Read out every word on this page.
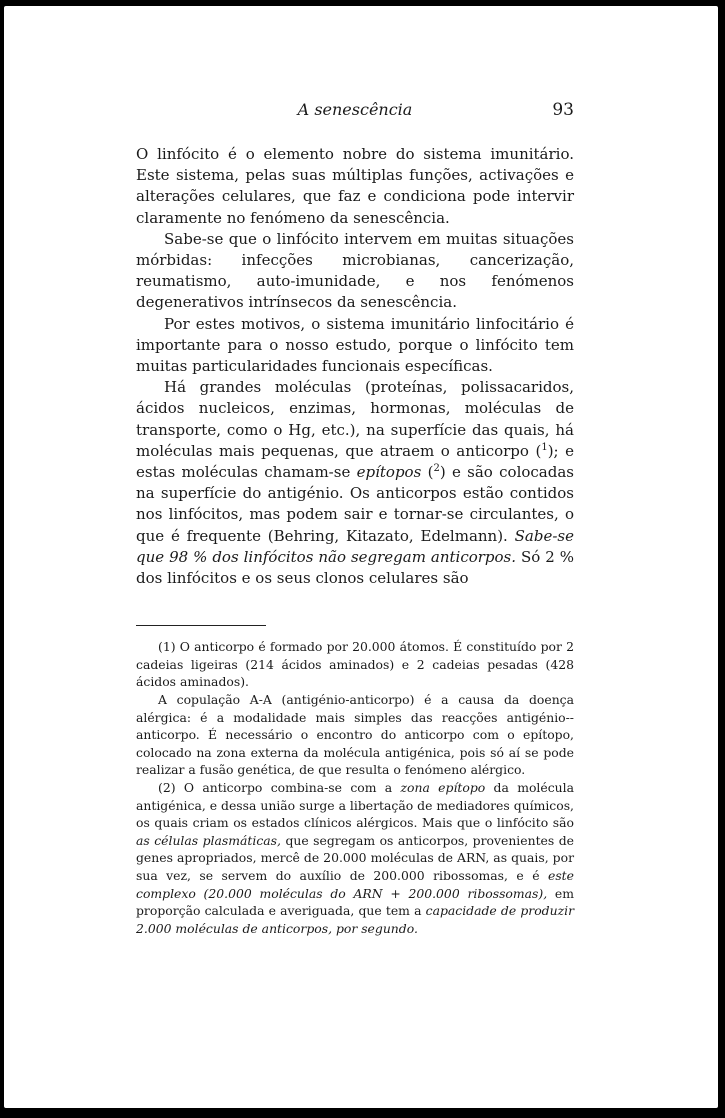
A senescência	93

O linfócito é o elemento nobre do sistema imunitário. Este sistema, pelas suas múltiplas funções, activações e alterações celulares, que faz e condiciona pode intervir claramente no fenómeno da senescência.

Sabe-se que o linfócito intervem em muitas situações mórbidas: infecções microbianas, cancerização, reumatismo, auto-imunidade, e nos fenómenos degenerativos intrínsecos da senescência.

Por estes motivos, o sistema imunitário linfocitário é importante para o nosso estudo, porque o linfócito tem muitas particularidades funcionais específicas.

Há grandes moléculas (proteínas, polissacaridos, ácidos nucleicos, enzimas, hormonas, moléculas de transporte, como o Hg, etc.), na superfície das quais, há moléculas mais pequenas, que atraem o anticorpo ($^1$); e estas moléculas chamam-se epítopos ($^2$) e são colocadas na superfície do antigénio. Os anticorpos estão contidos nos linfócitos, mas podem sair e tornar-se circulantes, o que é frequente (Behring, Kitazato, Edelmann). Sabe-se que 98 % dos linfócitos não segregam anticorpos. Só 2 % dos linfócitos e os seus clonos celulares são

(1) O anticorpo é formado por 20.000 átomos. É constituído por 2 cadeias ligeiras (214 ácidos aminados) e 2 cadeias pesadas (428 ácidos aminados).

A copulação A-A (antigénio-anticorpo) é a causa da doença alérgica: é a modalidade mais simples das reacções antigénio--anticorpo. É necessário o encontro do anticorpo com o epítopo, colocado na zona externa da molécula antigénica, pois só aí se pode realizar a fusão genética, de que resulta o fenómeno alérgico.

(2) O anticorpo combina-se com a zona epítopo da molécula antigénica, e dessa união surge a libertação de mediadores químicos, os quais criam os estados clínicos alérgicos. Mais que o linfócito são as células plasmáticas, que segregam os anticorpos, provenientes de genes apropriados, mercê de 20.000 moléculas de ARN, as quais, por sua vez, se servem do auxílio de 200.000 ribossomas, e é este complexo (20.000 moléculas do ARN + 200.000 ribossomas), em proporção calculada e averiguada, que tem a capacidade de produzir 2.000 moléculas de anticorpos, por segundo.
